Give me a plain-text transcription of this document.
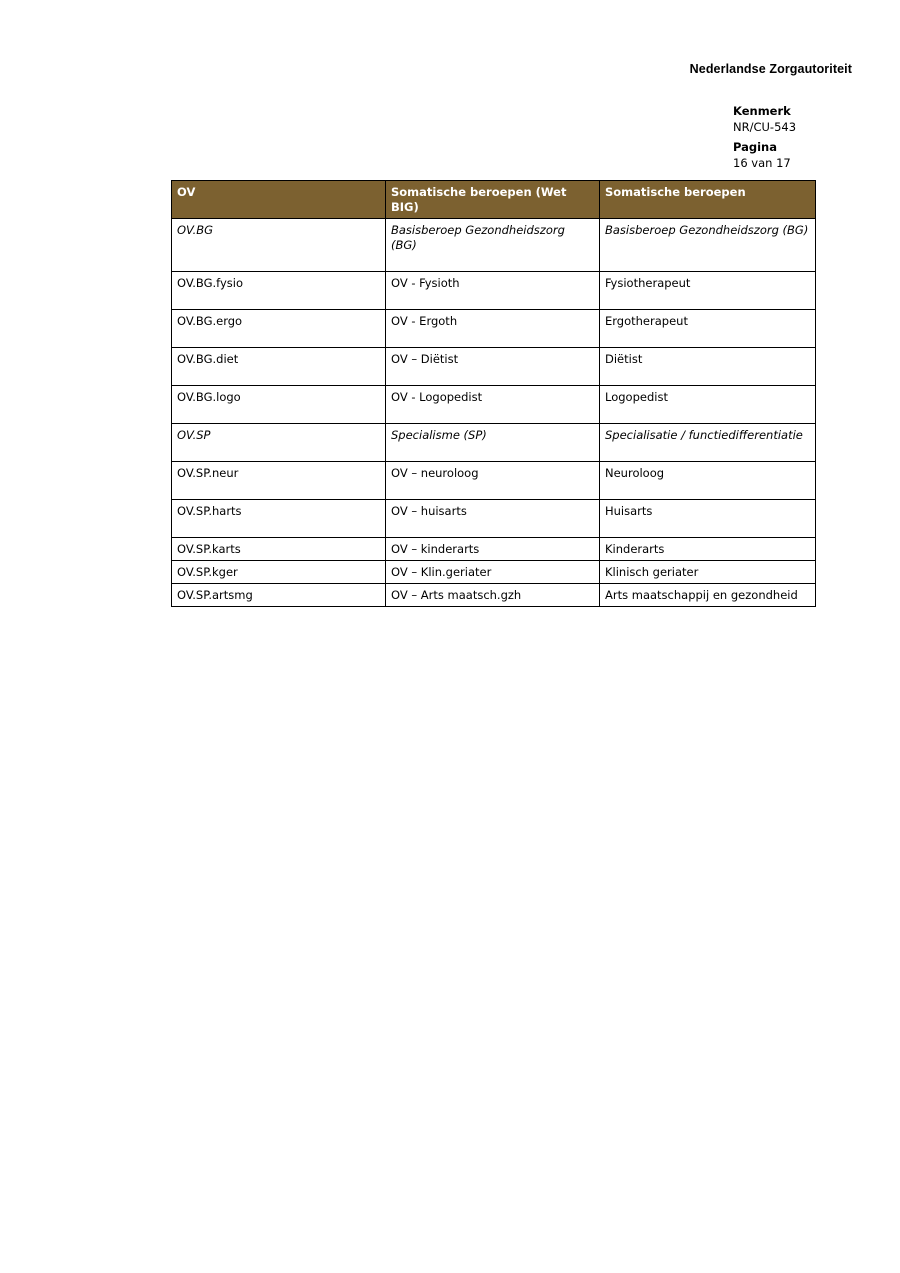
Nederlandse Zorgautoriteit
Kenmerk
NR/CU-543
Pagina
16 van 17
OV	Somatische beroepen (Wet BIG)	Somatische beroepen
OV.BG	Basisberoep Gezondheidszorg (BG)	Basisberoep Gezondheidszorg (BG)
OV.BG.fysio	OV - Fysioth	Fysiotherapeut
OV.BG.ergo	OV - Ergoth	Ergotherapeut
OV.BG.diet	OV – Diëtist	Diëtist
OV.BG.logo	OV - Logopedist	Logopedist
OV.SP	Specialisme (SP)	Specialisatie / functiedifferentiatie
OV.SP.neur	OV – neuroloog	Neuroloog
OV.SP.harts	OV – huisarts	Huisarts
OV.SP.karts	OV – kinderarts	Kinderarts
OV.SP.kger	OV – Klin.geriater	Klinisch geriater
OV.SP.artsmg	OV – Arts maatsch.gzh	Arts maatschappij en gezondheid
